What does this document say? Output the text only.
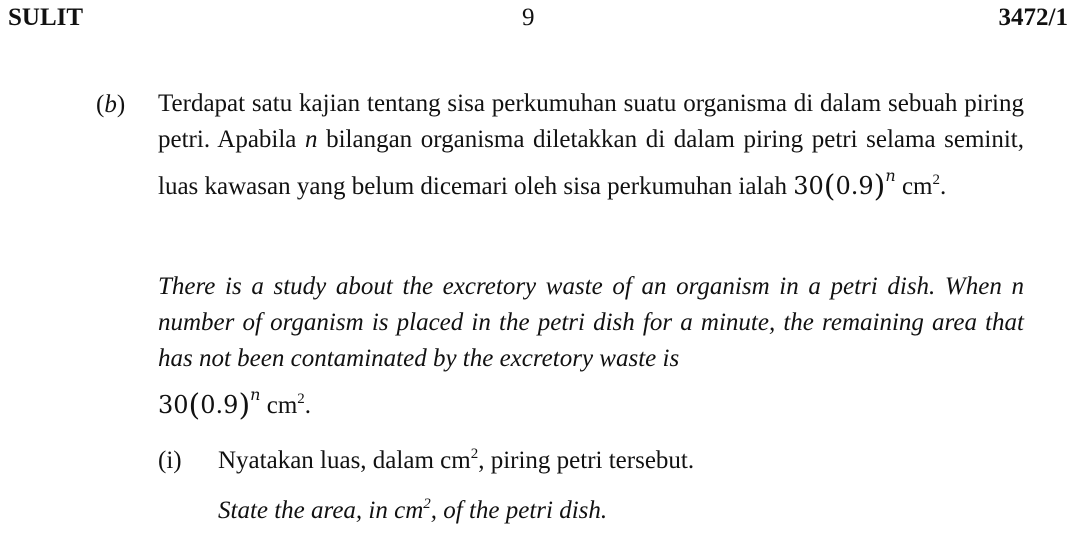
SULIT	9	3472/1
(b) Terdapat satu kajian tentang sisa perkumuhan suatu organisma di dalam sebuah piring petri. Apabila n bilangan organisma diletakkan di dalam piring petri selama seminit, luas kawasan yang belum dicemari oleh sisa perkumuhan ialah $30(0.9)^n$ $cm^2$.
There is a study about the excretory waste of an organism in a petri dish. When n number of organism is placed in the petri dish for a minute, the remaining area that has not been contaminated by the excretory waste is
$30(0.9)^n$ $cm^2$.
(i) Nyatakan luas, dalam $cm^2$, piring petri tersebut.
State the area, in $cm^2$, of the petri dish.
